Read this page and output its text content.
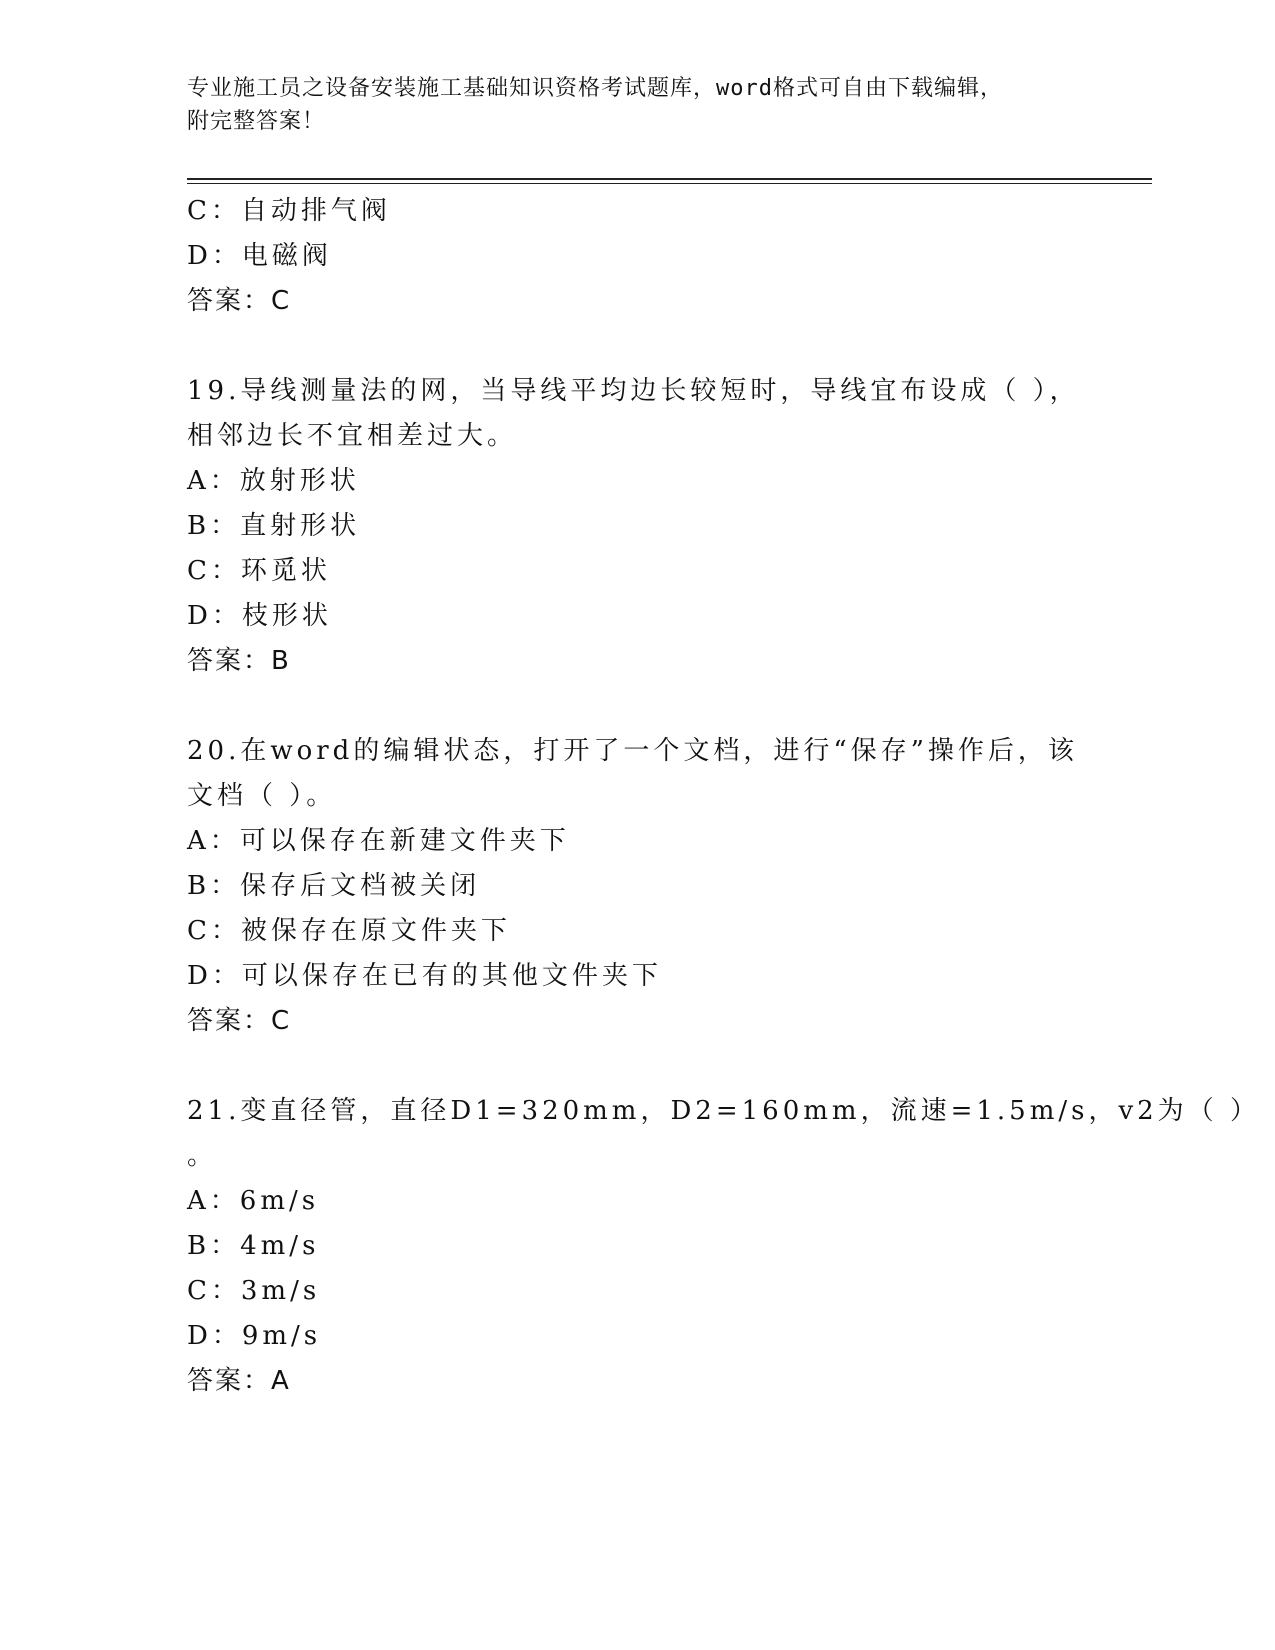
专业施工员之设备安装施工基础知识资格考试题库，word格式可自由下载编辑，
附完整答案！
C：自动排气阀
D：电磁阀
答案：C
19.导线测量法的网，当导线平均边长较短时，导线宜布设成（ ），
相邻边长不宜相差过大。
A：放射形状
B：直射形状
C：环觅状
D：枝形状
答案：B
20.在word的编辑状态，打开了一个文档，进行“保存”操作后，该
文档（ ）。
A：可以保存在新建文件夹下
B：保存后文档被关闭
C：被保存在原文件夹下
D：可以保存在已有的其他文件夹下
答案：C
21.变直径管，直径D1=320mm，D2=160mm，流速=1.5m/s，v2为（ ）
。
A：6m/s
B：4m/s
C：3m/s
D：9m/s
答案：A
